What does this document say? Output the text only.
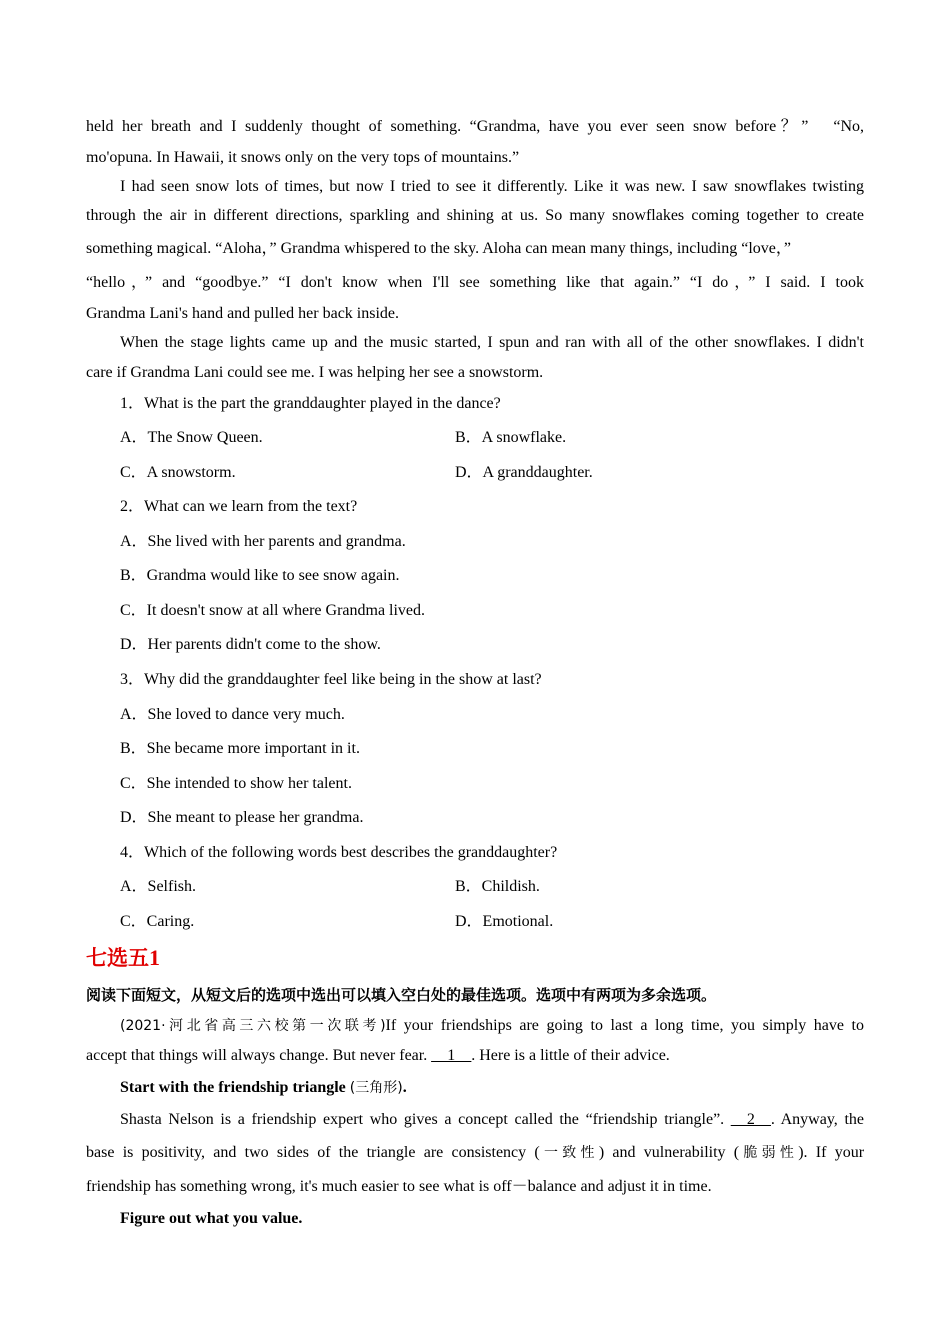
held her breath and I suddenly thought of something. “Grandma, have you ever seen snow before？”　“No,
mo'opuna. In Hawaii, it snows only on the very tops of mountains.”
I had seen snow lots of times, but now I tried to see it differently. Like it was new. I saw snowflakes twisting
through the air in different directions, sparkling and shining at us. So many snowflakes coming together to create
something magical. “Aloha，” Grandma whispered to the sky. Aloha can mean many things, including “love，”
“hello，” and “goodbye.” “I don't know when I'll see something like that again.” “I do，” I said. I took
Grandma Lani's hand and pulled her back inside.
When the stage lights came up and the music started, I spun and ran with all of the other snowflakes. I didn't
care if Grandma Lani could see me. I was helping her see a snowstorm.
1．What is the part the granddaughter played in the dance?
A．The Snow Queen.	B．A snowflake.
C．A snowstorm.	D．A granddaughter.
2．What can we learn from the text?
A．She lived with her parents and grandma.
B．Grandma would like to see snow again.
C．It doesn't snow at all where Grandma lived.
D．Her parents didn't come to the show.
3．Why did the granddaughter feel like being in the show at last?
A．She loved to dance very much.
B．She became more important in it.
C．She intended to show her talent.
D．She meant to please her grandma.
4．Which of the following words best describes the granddaughter?
A．Selfish.	B．Childish.
C．Caring.	D．Emotional.
七选五1
阅读下面短文，从短文后的选项中选出可以填入空白处的最佳选项。选项中有两项为多余选项。
(2021·河北省高三六校第一次联考)If your friendships are going to last a long time, you simply have to
accept that things will always change. But never fear. __1__. Here is a little of their advice.
Start with the friendship triangle (三角形).
Shasta Nelson is a friendship expert who gives a concept called the “friendship triangle”. __2__. Anyway, the
base is positivity, and two sides of the triangle are consistency (一致性) and vulnerability (脆弱性). If your
friendship has something wrong, it's much easier to see what is off－balance and adjust it in time.
Figure out what you value.
